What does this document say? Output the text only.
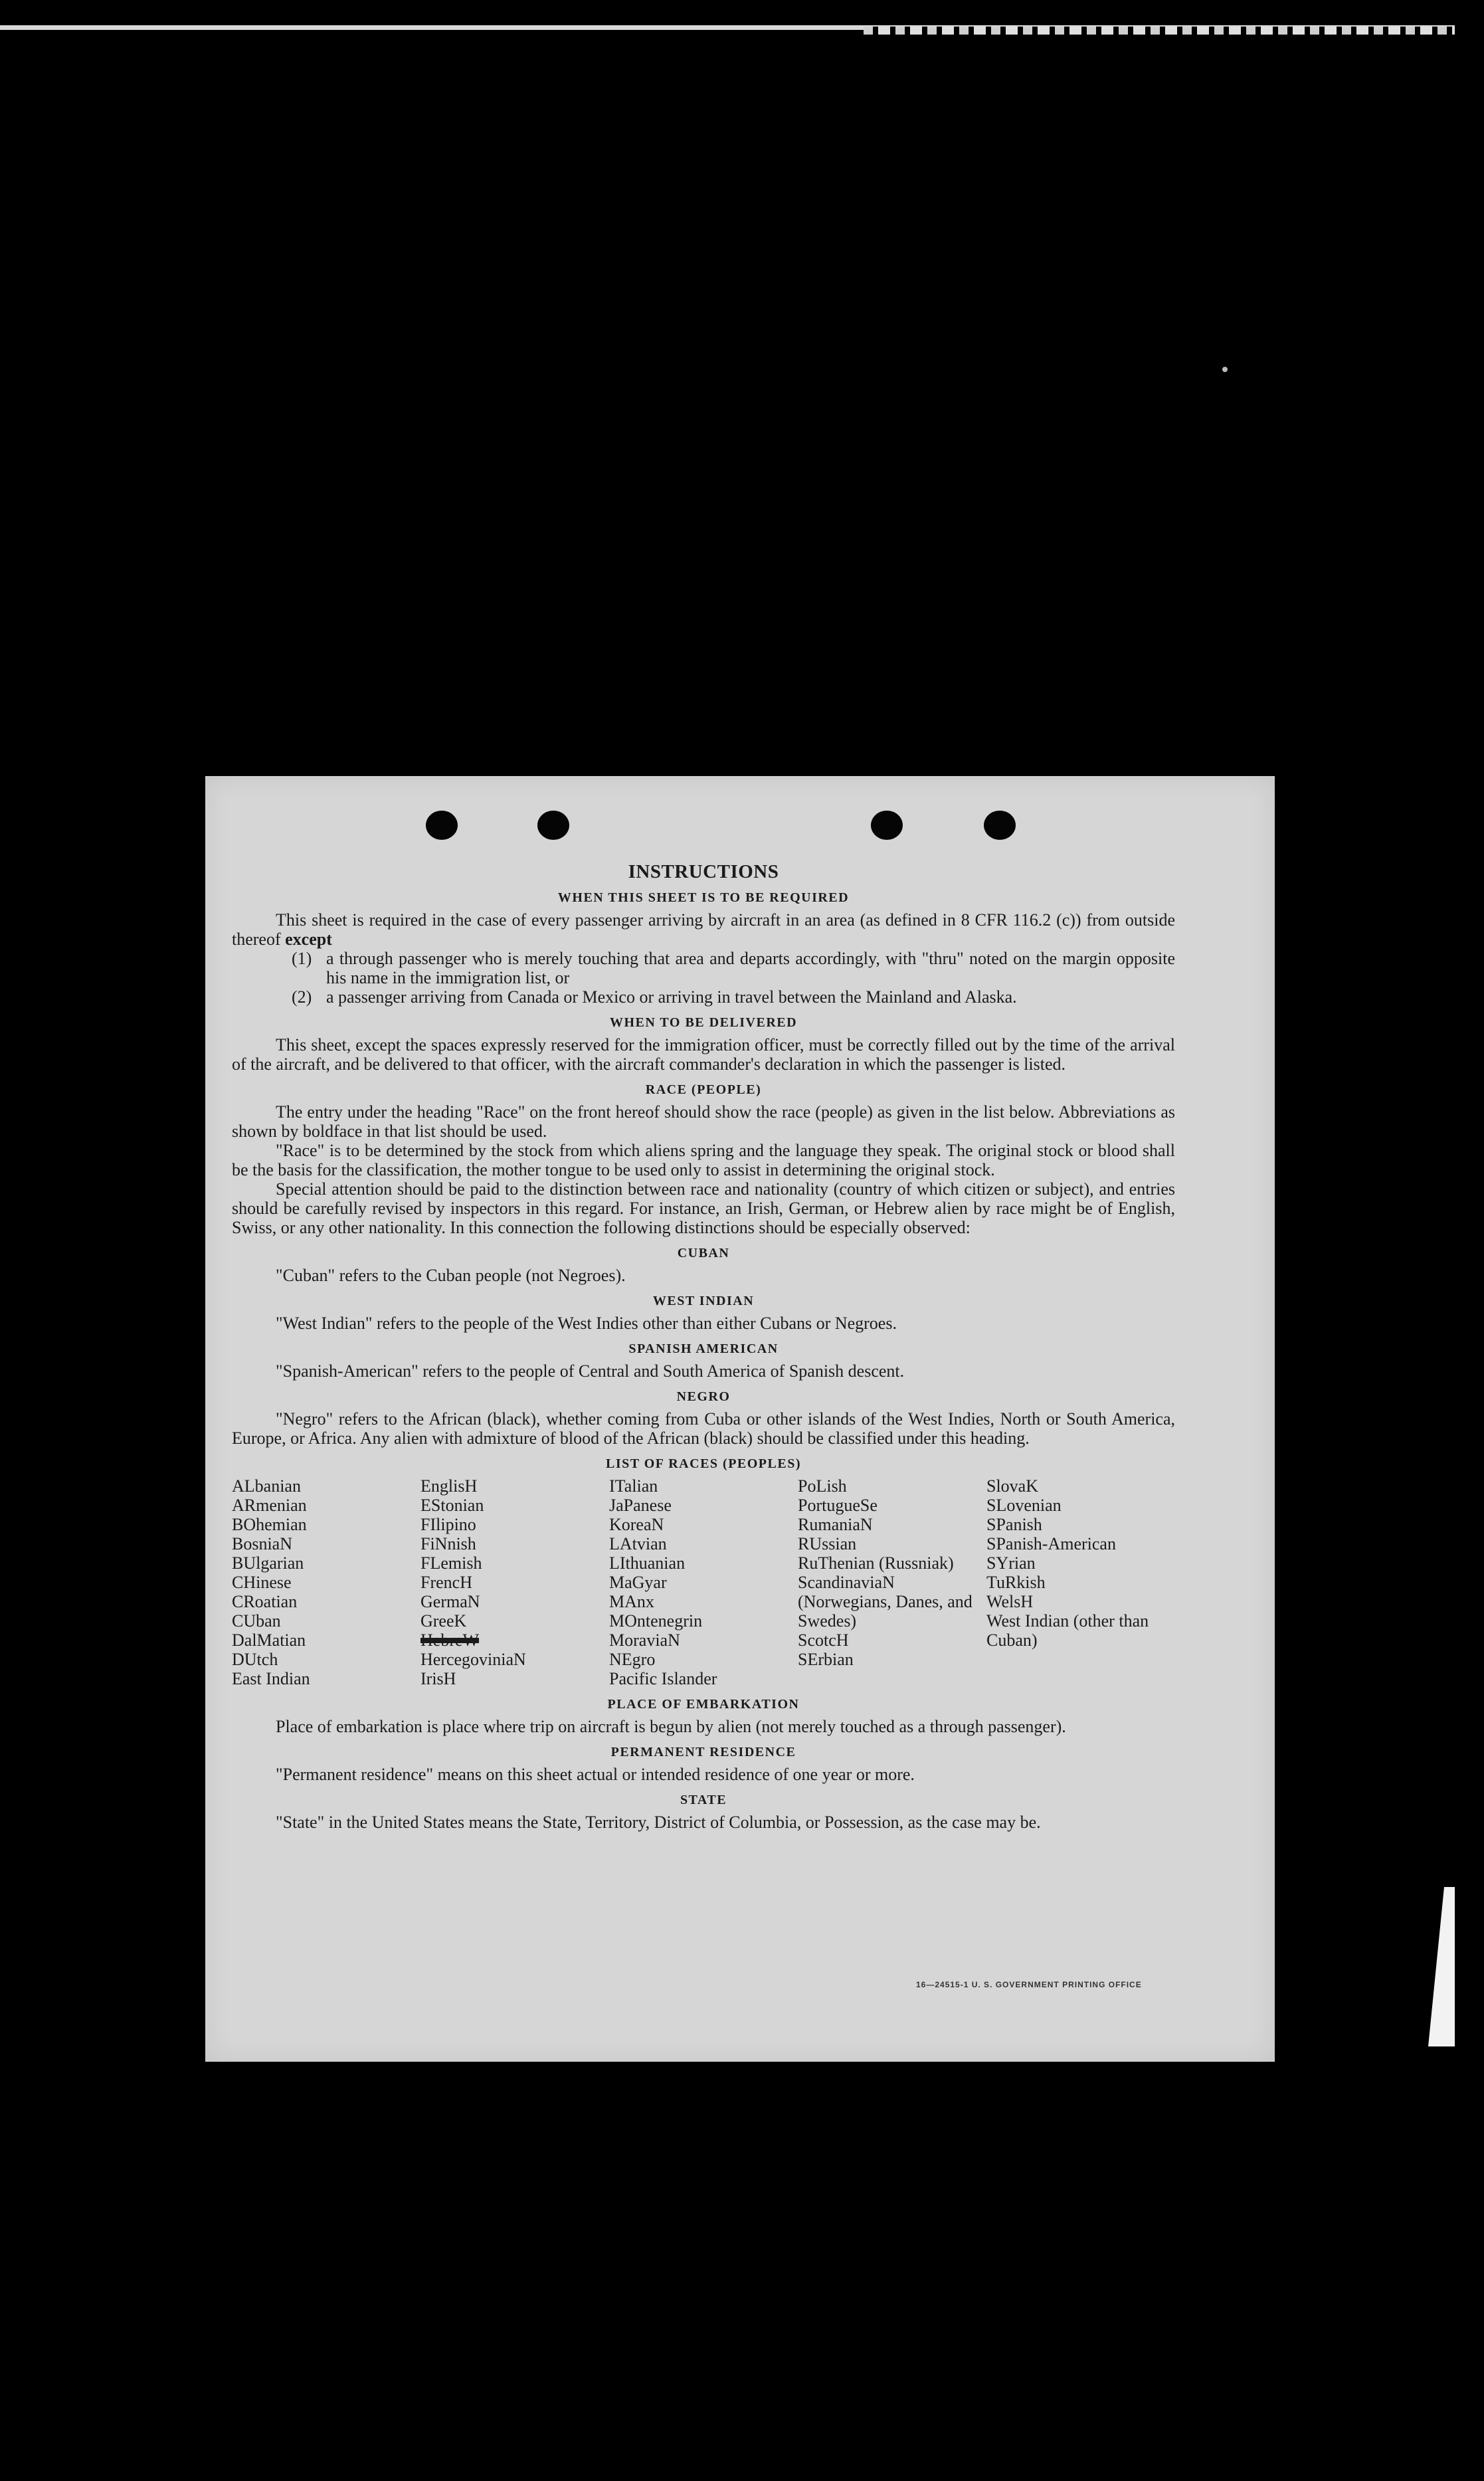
INSTRUCTIONS
WHEN THIS SHEET IS TO BE REQUIRED

This sheet is required in the case of every passenger arriving by aircraft in an area (as defined in 8 CFR 116.2 (c)) from outside thereof except

(1) a through passenger who is merely touching that area and departs accordingly, with "thru" noted on the margin opposite his name in the immigration list, or
(2) a passenger arriving from Canada or Mexico or arriving in travel between the Mainland and Alaska.
WHEN TO BE DELIVERED

This sheet, except the spaces expressly reserved for the immigration officer, must be correctly filled out by the time of the arrival of the aircraft, and be delivered to that officer, with the aircraft commander's declaration in which the passenger is listed.

RACE (PEOPLE)

The entry under the heading "Race" on the front hereof should show the race (people) as given in the list below. Abbreviations as shown by boldface in that list should be used.

"Race" is to be determined by the stock from which aliens spring and the language they speak. The original stock or blood shall be the basis for the classification, the mother tongue to be used only to assist in determining the original stock.

Special attention should be paid to the distinction between race and nationality (country of which citizen or subject), and entries should be carefully revised by inspectors in this regard. For instance, an Irish, German, or Hebrew alien by race might be of English, Swiss, or any other nationality. In this connection the following distinctions should be especially observed:

CUBAN

"Cuban" refers to the Cuban people (not Negroes).

WEST INDIAN

"West Indian" refers to the people of the West Indies other than either Cubans or Negroes.

SPANISH AMERICAN

"Spanish-American" refers to the people of Central and South America of Spanish descent.

NEGRO

"Negro" refers to the African (black), whether coming from Cuba or other islands of the West Indies, North or South America, Europe, or Africa. Any alien with admixture of blood of the African (black) should be classified under this heading.

LIST OF RACES (PEOPLES)
ALbanian
ARmenian
BOhemian
BosniaN
BUlgarian
CHinese
CRoatian
CUban
DalMatian
DUtch
East Indian
EnglisH
EStonian
FIlipino
FiNnish
FLemish
FrencH
GermaN
GreeK
HebreW
HercegoviniaN
IrisH
ITalian
JaPanese
KoreaN
LAtvian
LIthuanian
MaGyar
MAnx
MOntenegrin
MoraviaN
NEgro
Pacific Islander
PoLish
PortugueSe
RumaniaN
RUssian
RuThenian (Russniak)
ScandinaviaN (Norwegians, Danes, and Swedes)
ScotcH
SErbian
SlovaK
SLovenian
SPanish
SPanish-American
SYrian
TuRkish
WelsH
West Indian (other than Cuban)
PLACE OF EMBARKATION

Place of embarkation is place where trip on aircraft is begun by alien (not merely touched as a through passenger).

PERMANENT RESIDENCE

"Permanent residence" means on this sheet actual or intended residence of one year or more.

STATE

"State" in the United States means the State, Territory, District of Columbia, or Possession, as the case may be.

16—24515-1 U. S. GOVERNMENT PRINTING OFFICE
